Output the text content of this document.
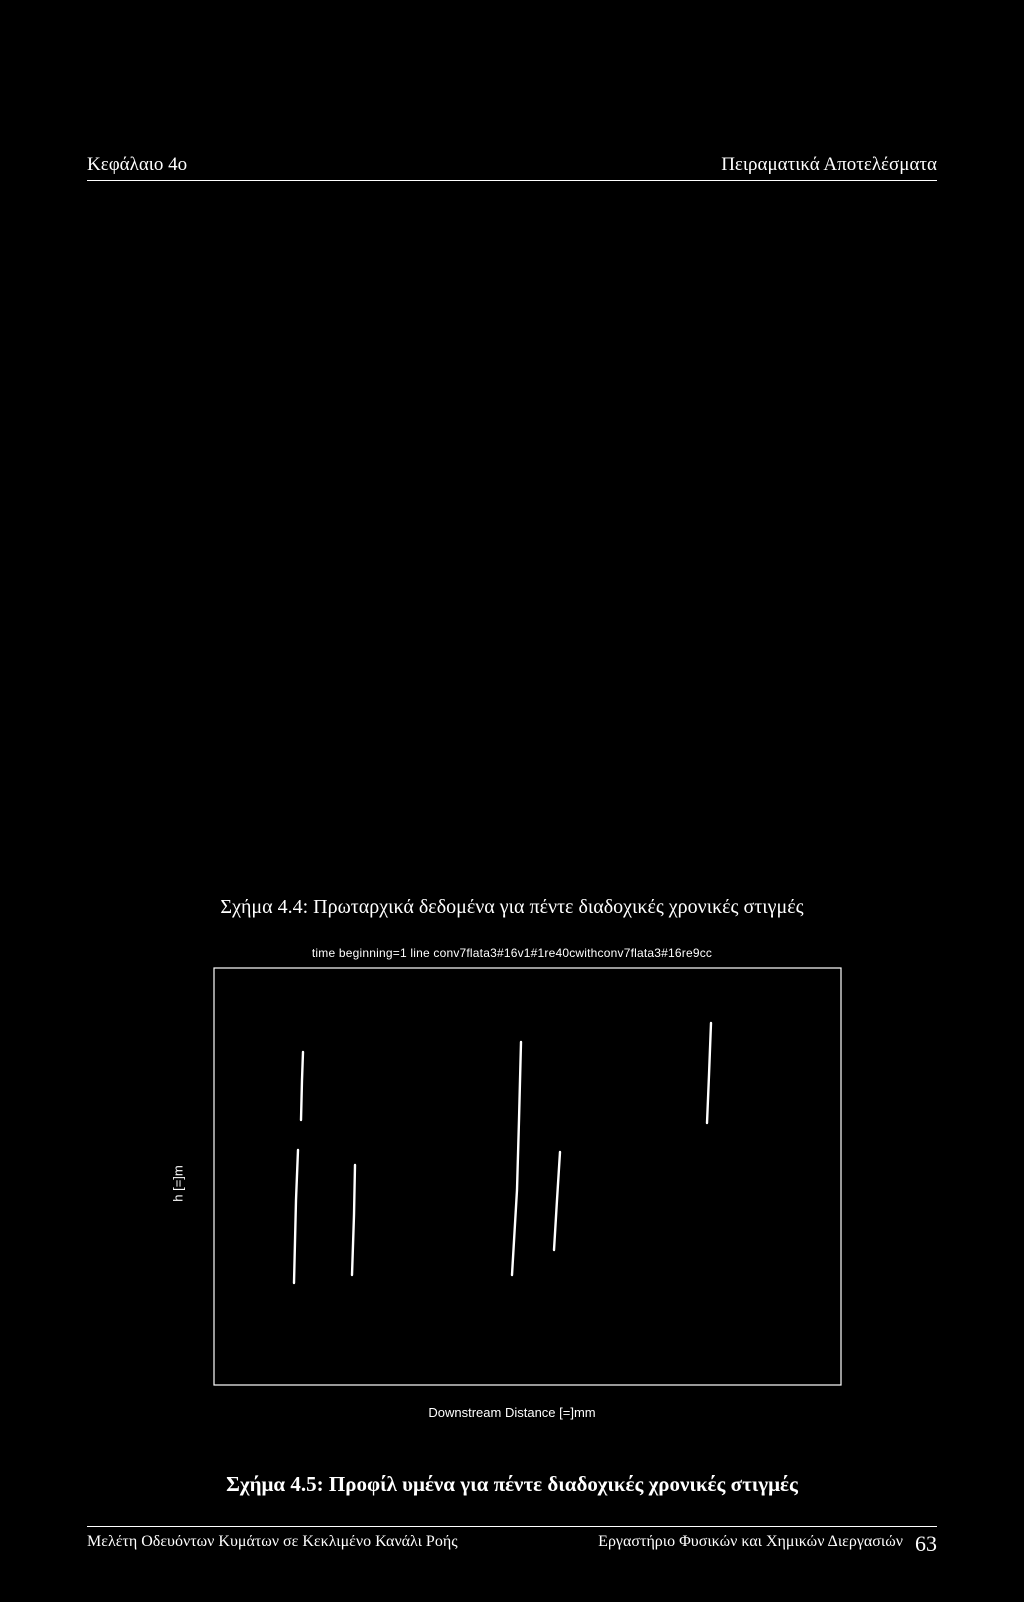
Κεφάλαιο 4ο	Πειραματικά Αποτελέσματα
Σχήμα 4.4: Πρωταρχικά δεδομένα για πέντε διαδοχικές χρονικές στιγμές
time beginning=1 line conv7flata3#16v1#1re40cwithconv7flata3#16re9cc
Downstream Distance [=]mm
h [=]m
Σχήμα 4.5: Προφίλ υμένα για πέντε διαδοχικές χρονικές στιγμές
Μελέτη Οδευόντων Κυμάτων σε Κεκλιμένο Κανάλι Ροής	Εργαστήριο Φυσικών και Χημικών Διεργασιών 63
